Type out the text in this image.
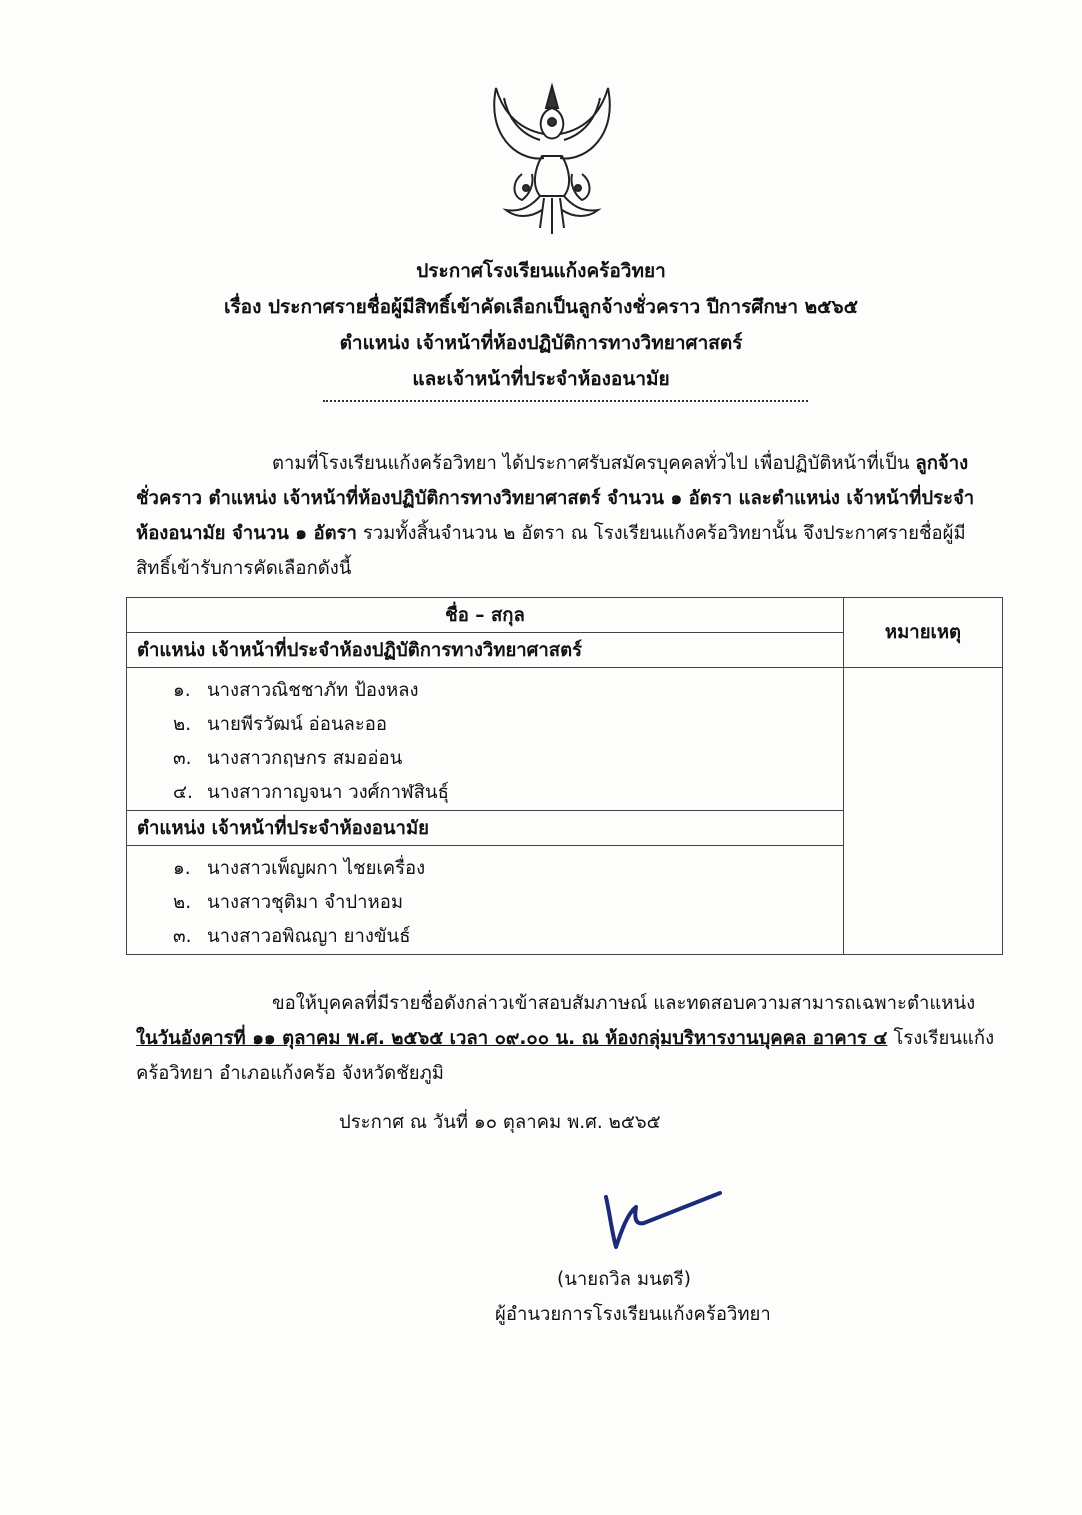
ประกาศโรงเรียนแก้งคร้อวิทยา
เรื่อง ประกาศรายชื่อผู้มีสิทธิ์เข้าคัดเลือกเป็นลูกจ้างชั่วคราว ปีการศึกษา ๒๕๖๕
ตำแหน่ง เจ้าหน้าที่ห้องปฏิบัติการทางวิทยาศาสตร์
และเจ้าหน้าที่ประจำห้องอนามัย
ตามที่โรงเรียนแก้งคร้อวิทยา ได้ประกาศรับสมัครบุคคลทั่วไป เพื่อปฏิบัติหน้าที่เป็น ลูกจ้างชั่วคราว ตำแหน่ง เจ้าหน้าที่ห้องปฏิบัติการทางวิทยาศาสตร์ จำนวน ๑ อัตรา และตำแหน่ง เจ้าหน้าที่ประจำห้องอนามัย จำนวน ๑ อัตรา รวมทั้งสิ้นจำนวน ๒ อัตรา ณ โรงเรียนแก้งคร้อวิทยานั้น จึงประกาศรายชื่อผู้มีสิทธิ์เข้ารับการคัดเลือกดังนี้
ชื่อ – สกุล	หมายเหตุ
ตำแหน่ง เจ้าหน้าที่ประจำห้องปฏิบัติการทางวิทยาศาสตร์	

๑. นางสาวณิชชาภัท ป้องหลง
๒. นายพีรวัฒน์ อ่อนละออ
๓. นางสาวกฤษกร สมออ่อน
๔. นางสาวกาญจนา วงศ์กาฬสินธุ์	

ตำแหน่ง เจ้าหน้าที่ประจำห้องอนามัย	

๑. นางสาวเพ็ญผกา ไชยเครื่อง
๒. นางสาวชุติมา จำปาหอม
๓. นางสาวอพิณญา ยางขันธ์	
ขอให้บุคคลที่มีรายชื่อดังกล่าวเข้าสอบสัมภาษณ์ และทดสอบความสามารถเฉพาะตำแหน่ง ในวันอังคารที่ ๑๑ ตุลาคม พ.ศ. ๒๕๖๕ เวลา ๐๙.๐๐ น. ณ ห้องกลุ่มบริหารงานบุคคล อาคาร ๔ โรงเรียนแก้งคร้อวิทยา อำเภอแก้งคร้อ จังหวัดชัยภูมิ
ประกาศ ณ วันที่ ๑๐ ตุลาคม พ.ศ. ๒๕๖๕
(นายถวิล มนตรี)
ผู้อำนวยการโรงเรียนแก้งคร้อวิทยา
